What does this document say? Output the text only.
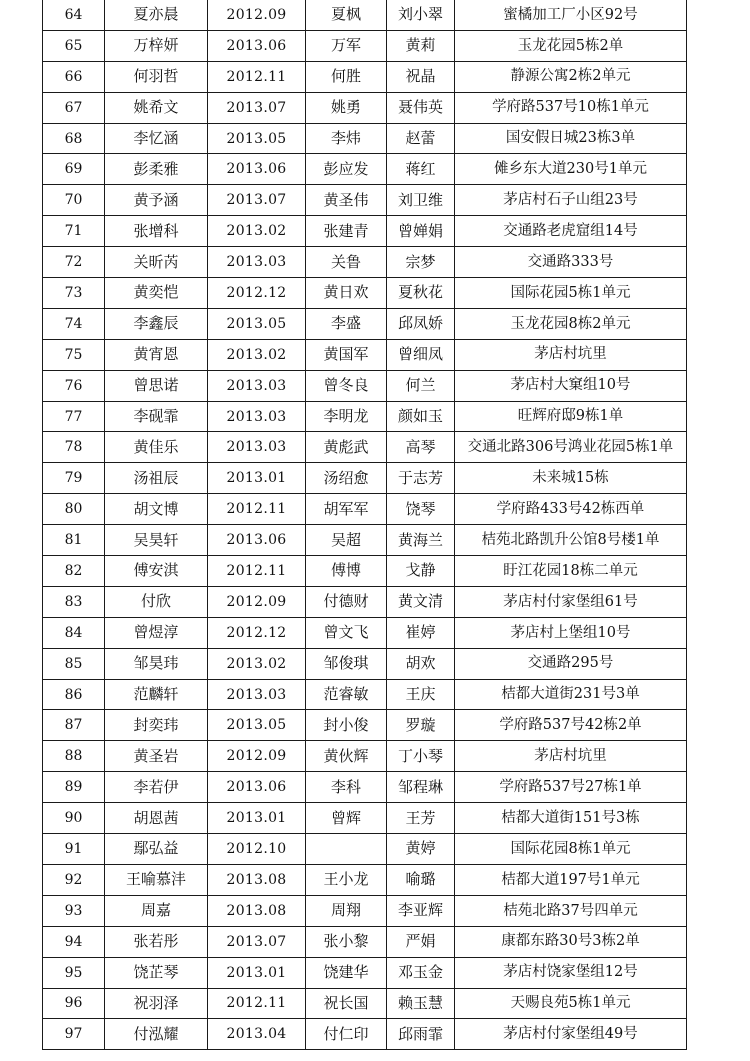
64	夏亦晨	2012.09	夏枫	刘小翠	蜜橘加工厂小区92号
65	万梓妍	2013.06	万军	黄莉	玉龙花园5栋2单
66	何羽哲	2012.11	何胜	祝晶	静源公寓2栋2单元
67	姚希文	2013.07	姚勇	聂伟英	学府路537号10栋1单元
68	李忆涵	2013.05	李炜	赵蕾	国安假日城23栋3单
69	彭柔雅	2013.06	彭应发	蒋红	傩乡东大道230号1单元
70	黄予涵	2013.07	黄圣伟	刘卫维	茅店村石子山组23号
71	张增科	2013.02	张建青	曾婵娟	交通路老虎窟组14号
72	关昕芮	2013.03	关鲁	宗梦	交通路333号
73	黄奕恺	2012.12	黄日欢	夏秋花	国际花园5栋1单元
74	李鑫辰	2013.05	李盛	邱凤娇	玉龙花园8栋2单元
75	黄宵恩	2013.02	黄国军	曾细凤	茅店村坑里
76	曾思诺	2013.03	曾冬良	何兰	茅店村大窠组10号
77	李砚霏	2013.03	李明龙	颜如玉	旺辉府邸9栋1单
78	黄佳乐	2013.03	黄彪武	高琴	交通北路306号鸿业花园5栋1单
79	汤祖辰	2013.01	汤绍愈	于志芳	未来城15栋
80	胡文博	2012.11	胡军军	饶琴	学府路433号42栋西单
81	吴昊轩	2013.06	吴超	黄海兰	桔苑北路凯升公馆8号楼1单
82	傅安淇	2012.11	傅博	戈静	盱江花园18栋二单元
83	付欣	2012.09	付德财	黄文清	茅店村付家堡组61号
84	曾煜淳	2012.12	曾文飞	崔婷	茅店村上堡组10号
85	邹昊玮	2013.02	邹俊琪	胡欢	交通路295号
86	范麟轩	2013.03	范睿敏	王庆	桔都大道街231号3单
87	封奕玮	2013.05	封小俊	罗璇	学府路537号42栋2单
88	黄圣岩	2012.09	黄伙辉	丁小琴	茅店村坑里
89	李若伊	2013.06	李科	邹程琳	学府路537号27栋1单
90	胡恩茜	2013.01	曾辉	王芳	桔都大道街151号3栋
91	鄢弘益	2012.10		黄婷	国际花园8栋1单元
92	王喻慕沣	2013.08	王小龙	喻璐	桔都大道197号1单元
93	周嘉	2013.08	周翔	李亚辉	桔苑北路37号四单元
94	张若彤	2013.07	张小黎	严娟	康都东路30号3栋2单
95	饶芷琴	2013.01	饶建华	邓玉金	茅店村饶家堡组12号
96	祝羽泽	2012.11	祝长国	赖玉慧	天赐良苑5栋1单元
97	付泓耀	2013.04	付仁印	邱雨霏	茅店村付家堡组49号
